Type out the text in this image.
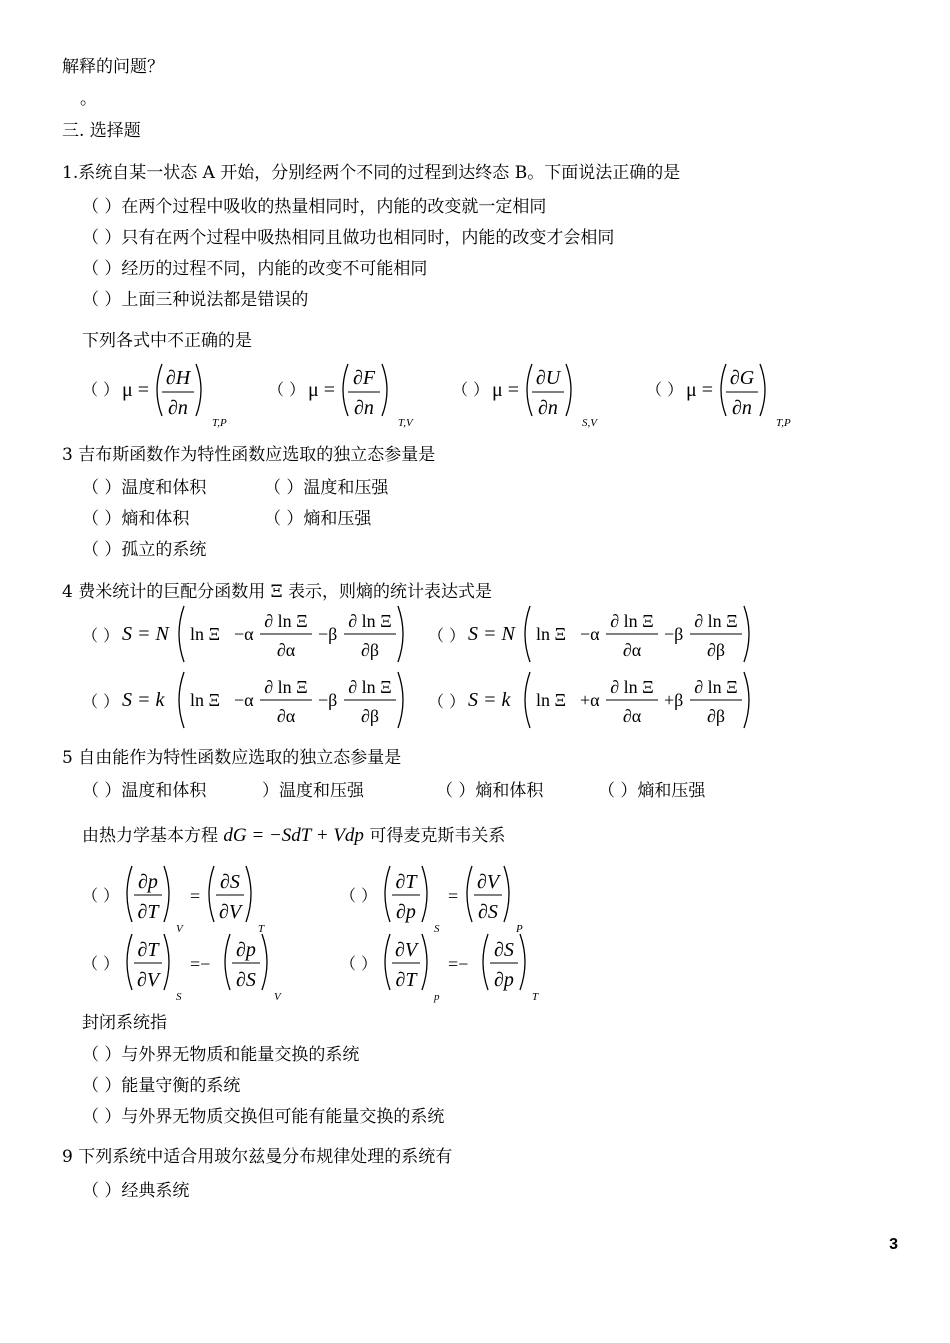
解释的问题？
。
三. 选择题
1.系统自某一状态 A 开始，分别经两个不同的过程到达终态 B。下面说法正确的是
（ ）在两个过程中吸收的热量相同时，内能的改变就一定相同
（ ）只有在两个过程中吸热相同且做功也相同时，内能的改变才会相同
（ ）经历的过程不同，内能的改变不可能相同
（ ）上面三种说法都是错误的
下列各式中不正确的是
3 吉布斯函数作为特性函数应选取的独立态参量是
（ ）温度和体积	（ ）温度和压强
（ ）熵和体积	（ ）熵和压强
（ ）孤立的系统
4 费米统计的巨配分函数用 Ξ 表示，则熵的统计表达式是
5 自由能作为特性函数应选取的独立态参量是
（ ）温度和体积	）温度和压强	（ ）熵和体积	（ ）熵和压强
由热力学基本方程 dG = −SdT + Vdp 可得麦克斯韦关系
封闭系统指
（ ）与外界无物质和能量交换的系统
（ ）能量守衡的系统
（ ）与外界无物质交换但可能有能量交换的系统
9 下列系统中适合用玻尔兹曼分布规律处理的系统有
（ ）经典系统
3
（ ） μ =
∂H
∂n
T,P
（ ） μ =
∂F
∂n
T,V
（ ） μ =
∂U
∂n
S,V
（ ） μ =
∂G
∂n
T,P
（ ） S = N ln Ξ −α
∂ ln Ξ
∂α
−β
∂ ln Ξ
∂β
（ ） S = N ln Ξ −α
∂ ln Ξ
∂α
−β
∂ ln Ξ
∂β
（ ） S = k ln Ξ −α
∂ ln Ξ
∂α
−β
∂ ln Ξ
∂β
（ ） S = k ln Ξ +α
∂ ln Ξ
∂α
+β
∂ ln Ξ
∂β
（ ）
∂p
∂T
V
=
∂S
∂V
T
（ ）
∂T
∂p
S
=
∂V
∂S
P
（ ）
∂T
∂V
S
=−
∂p
∂S
V
（ ）
∂V
∂T
p
=−
∂S
∂p
T
